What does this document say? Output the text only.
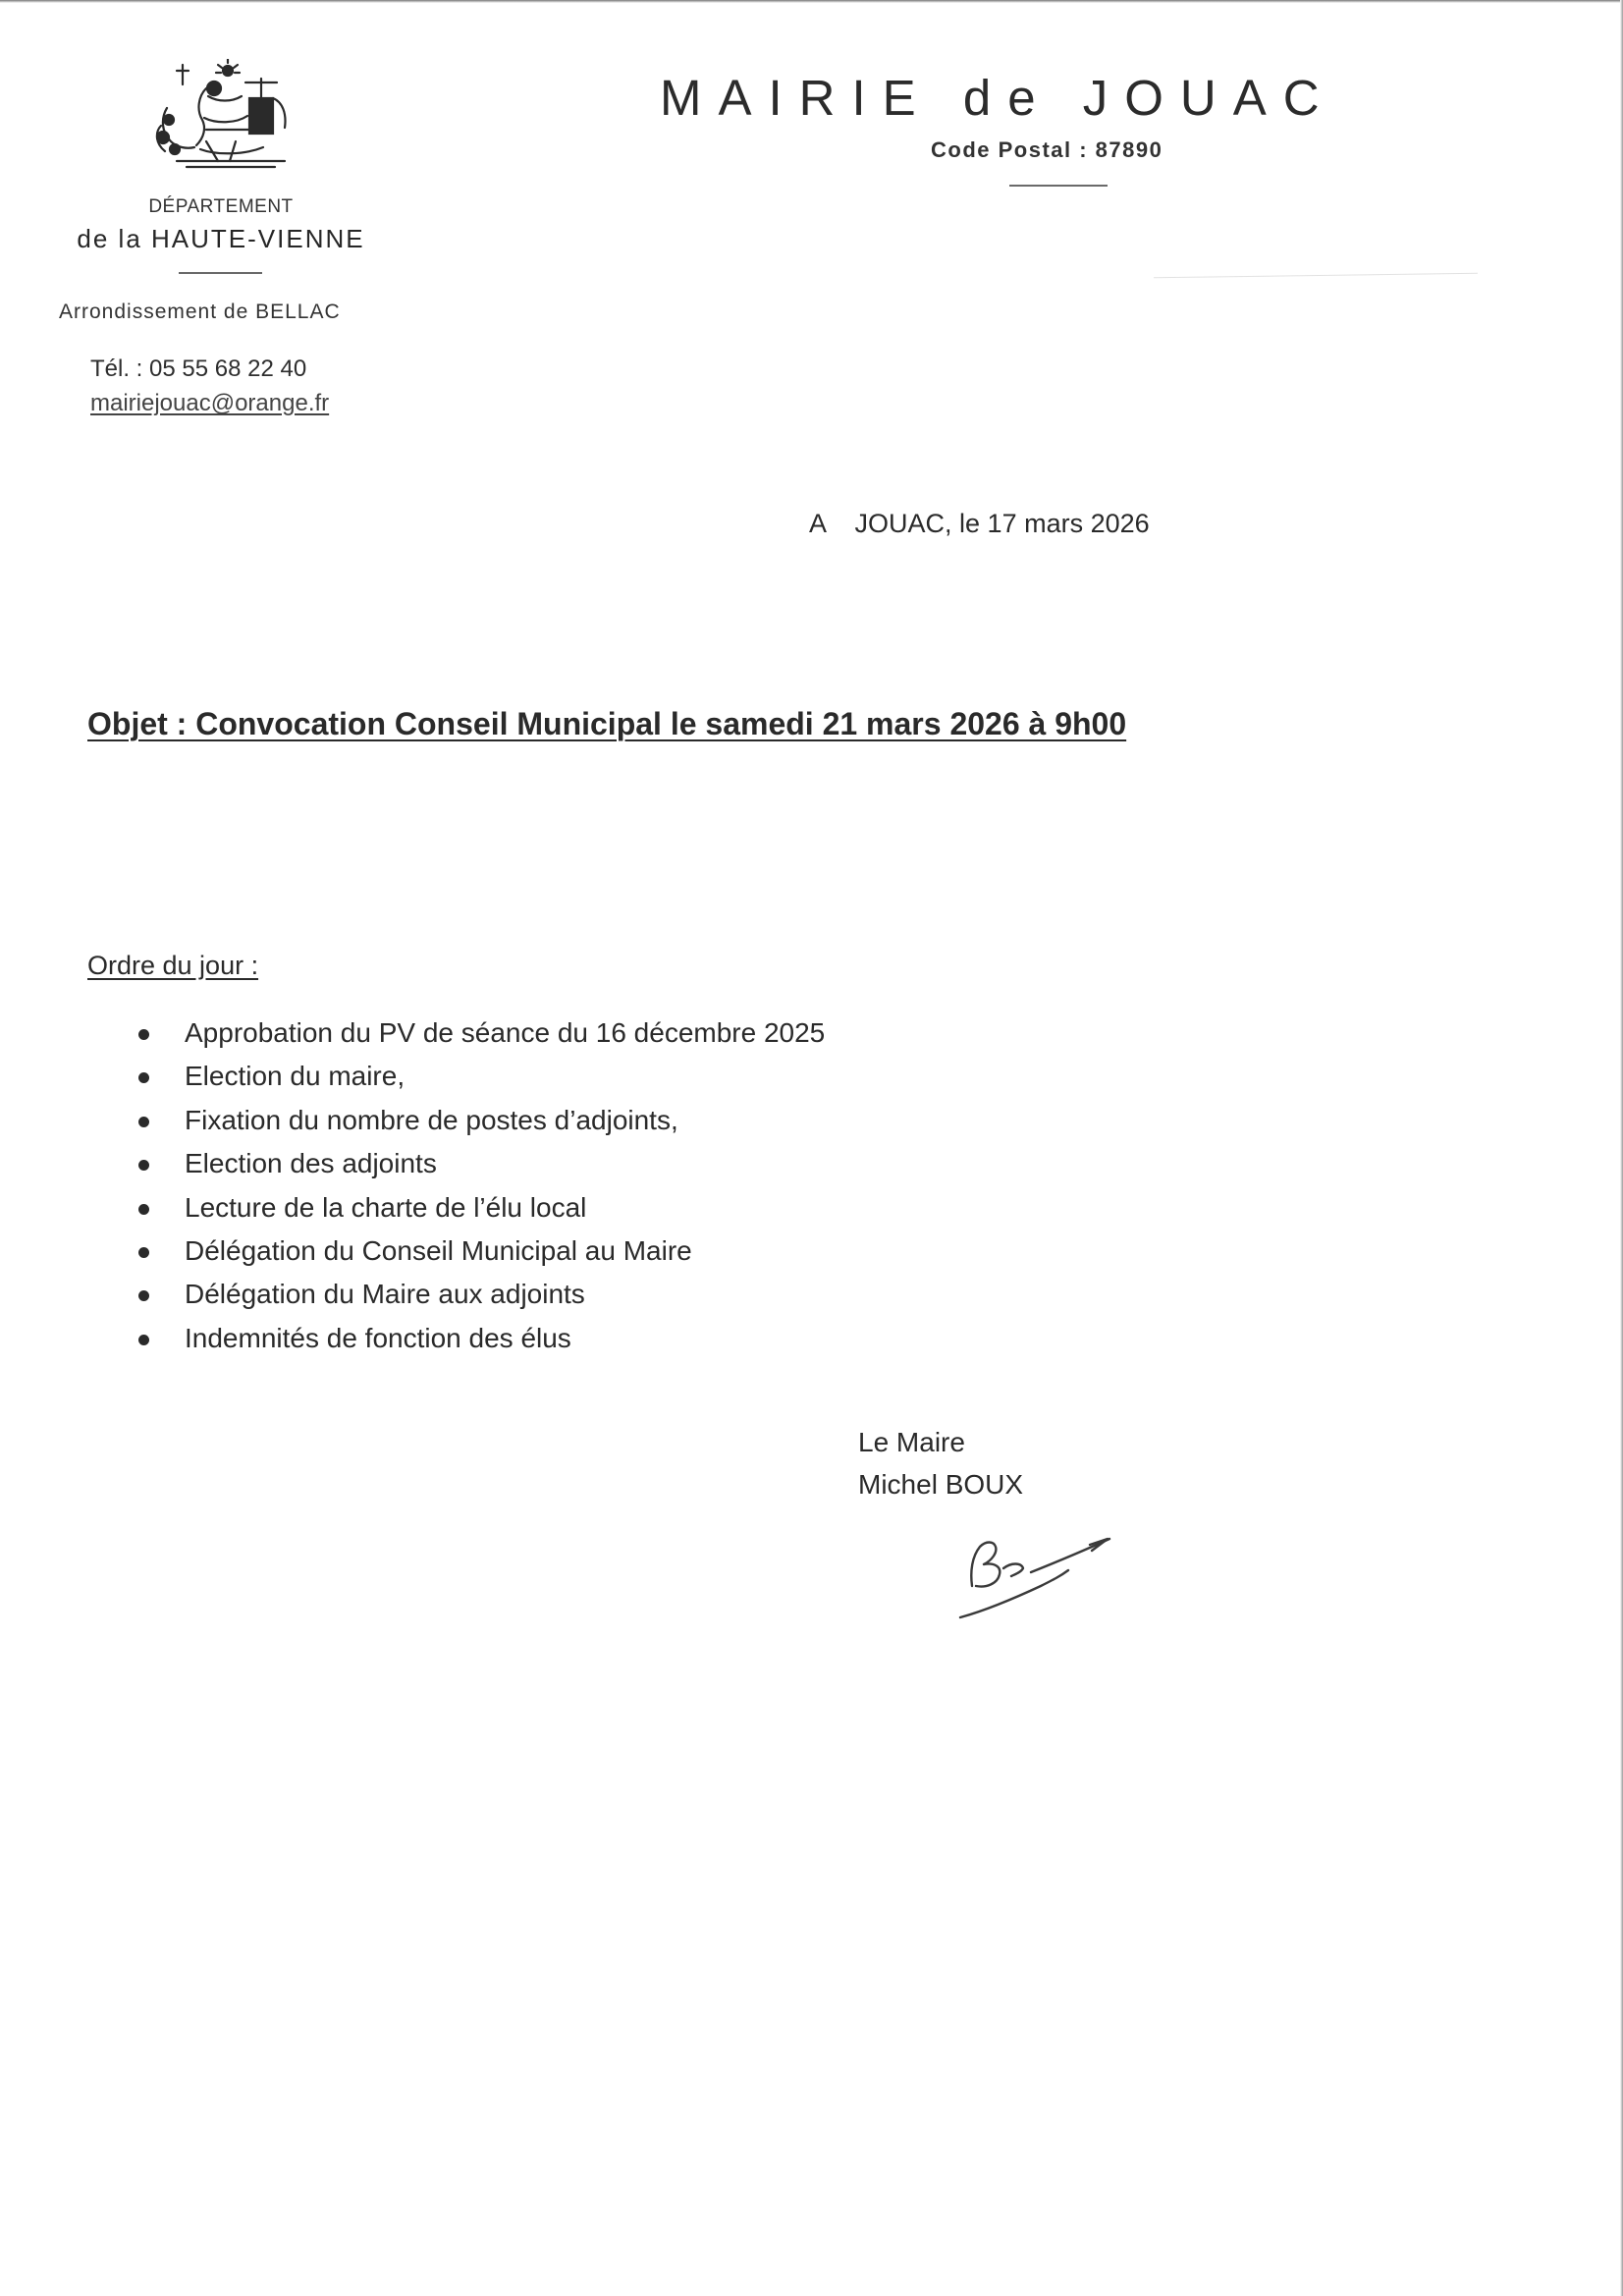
DÉPARTEMENT
de la HAUTE-VIENNE
Arrondissement de BELLAC
Tél. : 05 55 68 22 40
mairiejouac@orange.fr
MAIRIE de JOUAC
Code Postal : 87890
A    JOUAC, le 17 mars 2026
Objet : Convocation Conseil Municipal le samedi 21 mars 2026 à 9h00
Ordre du jour :
Approbation du PV de séance du 16 décembre 2025
Election du maire,
Fixation du nombre de postes d’adjoints,
Election des adjoints
Lecture de la charte de l’élu local
Délégation du Conseil Municipal au Maire
Délégation du Maire aux adjoints
Indemnités de fonction des élus
Le Maire
Michel BOUX
